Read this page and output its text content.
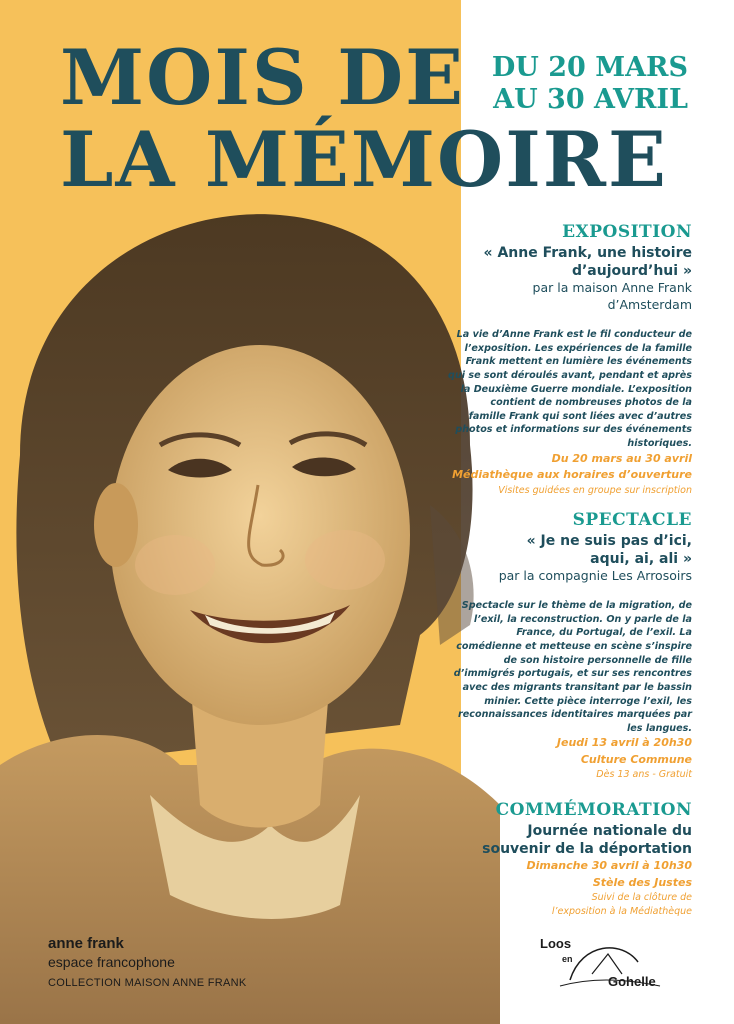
MOIS DE
LA MÉMOIRE
DU 20 MARS
AU 30 AVRIL
EXPOSITION
« Anne Frank, une histoire
d’aujourd’hui »
par la maison Anne Frank
d’Amsterdam
La vie d’Anne Frank est le fil conducteur de
l’exposition. Les expériences de la famille
Frank mettent en lumière les événements
qui se sont déroulés avant, pendant et après
la Deuxième Guerre mondiale. L’exposition
contient de nombreuses photos de la
famille Frank qui sont liées avec d’autres
photos et informations sur des événements
historiques.
Du 20 mars au 30 avril
Médiathèque aux horaires d’ouverture
Visites guidées en groupe sur inscription
SPECTACLE
« Je ne suis pas d’ici,
aqui, ai, ali »
par la compagnie Les Arrosoirs
Spectacle sur le thème de la migration, de
l’exil, la reconstruction. On y parle de la
France, du Portugal, de l’exil. La
comédienne et metteuse en scène s’inspire
de son histoire personnelle de fille
d’immigrés portugais, et sur ses rencontres
avec des migrants transitant par le bassin
minier. Cette pièce interroge l’exil, les
reconnaissances identitaires marquées par
les langues.
Jeudi 13 avril à 20h30
Culture Commune
Dès 13 ans - Gratuit
COMMÉMORATION
Journée nationale du
souvenir de la déportation
Dimanche 30 avril à 10h30
Stèle des Justes
Suivi de la clôture de
l’exposition à la Médiathèque
anne frank
espace francophone
COLLECTION MAISON ANNE FRANK
Loos
en
Gohelle
